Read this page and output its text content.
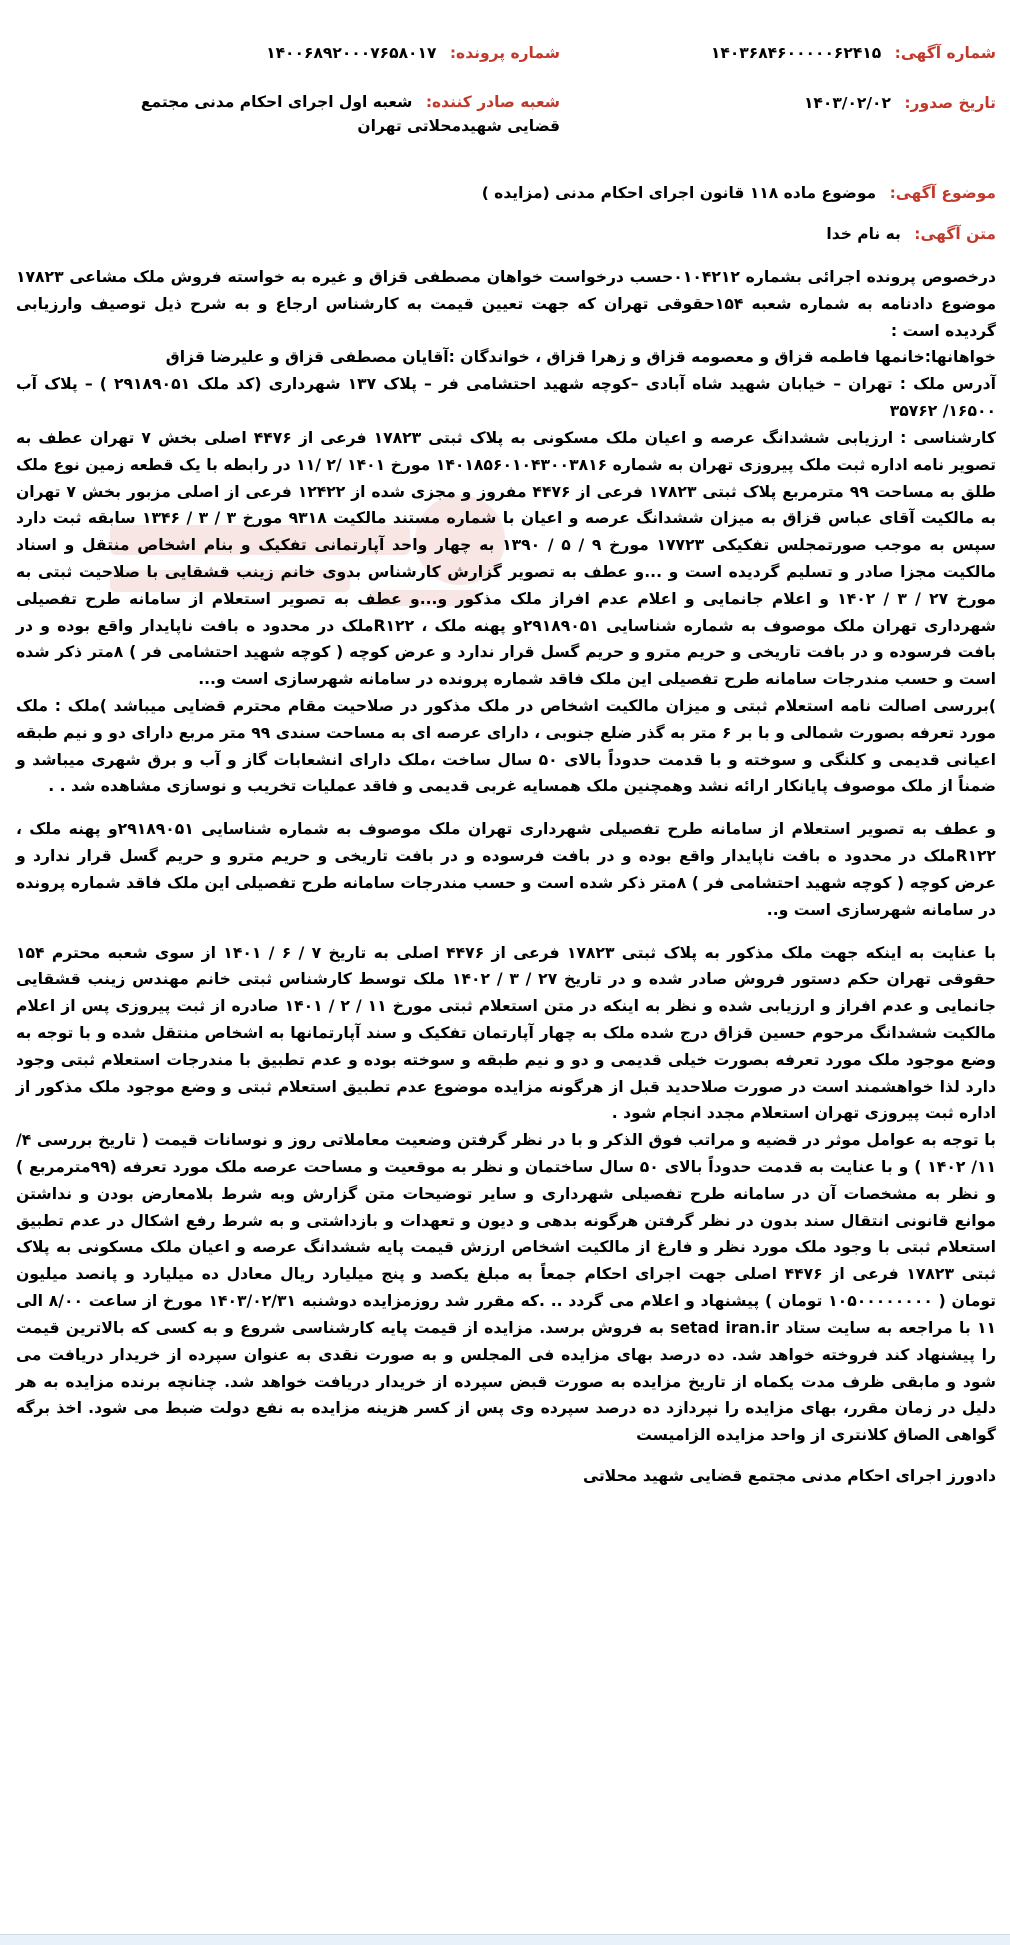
شماره آگهی: ۱۴۰۳۶۸۴۶۰۰۰۰۰۶۲۴۱۵
شماره پرونده: ۱۴۰۰۶۸۹۲۰۰۰۷۶۵۸۰۱۷
تاریخ صدور: ۱۴۰۳/۰۲/۰۲
شعبه صادر کننده: شعبه اول اجرای احکام مدنی مجتمع قضایی شهیدمحلاتی تهران
موضوع آگهی: موضوع ماده ۱۱۸ قانون اجرای احکام مدنی (مزایده )
متن آگهی: به نام خدا

درخصوص پرونده اجرائی بشماره ۰۱۰۴۲۱۲حسب درخواست خواهان مصطفی قزاق و غیره به خواسته فروش ملک مشاعی ۱۷۸۲۳ موضوع دادنامه به شماره شعبه ۱۵۴حقوقی تهران که جهت تعیین قیمت به کارشناس ارجاع و به شرح ذیل توصیف وارزیابی گردیده است :

خواهانها:خانمها فاطمه قزاق و معصومه قزاق و زهرا قزاق ، خواندگان :آقایان مصطفی قزاق و علیرضا قزاق

آدرس ملک : تهران – خیابان شهید شاه آبادی –کوچه شهید احتشامی فر – پلاک ۱۳۷ شهرداری (کد ملک ۲۹۱۸۹۰۵۱ ) – پلاک آب ۱۶۵۰۰/ ۳۵۷۶۲

کارشناسی : ارزیابی ششدانگ عرصه و اعیان ملک مسکونی به پلاک ثبتی ۱۷۸۲۳ فرعی از ۴۴۷۶ اصلی بخش ۷ تهران عطف به تصویر نامه اداره ثبت ملک پیروزی تهران به شماره ۱۴۰۱۸۵۶۰۱۰۴۳۰۰۳۸۱۶ مورخ ۱۴۰۱ /۲ /۱۱ در رابطه با یک قطعه زمین نوع ملک طلق به مساحت ۹۹ مترمربع پلاک ثبتی ۱۷۸۲۳ فرعی از ۴۴۷۶ مفروز و مجزی شده از ۱۲۴۲۲ فرعی از اصلی مزبور بخش ۷ تهران به مالکیت آقای عباس قزاق به میزان ششدانگ عرصه و اعیان با شماره مستند مالکیت ۹۳۱۸ مورخ ۳ / ۳ / ۱۳۴۶ سابقه ثبت دارد سپس به موجب صورتمجلس تفکیکی ۱۷۷۲۳ مورخ ۹ / ۵ / ۱۳۹۰ به چهار واحد آپارتمانی تفکیک و بنام اشخاص منتقل و اسناد مالکیت مجزا صادر و تسلیم گردیده است و ...و عطف به تصویر گزارش کارشناس بدوی خانم زینب قشقایی با صلاحیت ثبتی به مورخ ۲۷ / ۳ / ۱۴۰۲ و اعلام جانمایی و اعلام عدم افراز ملک مذکور و...و عطف به تصویر استعلام از سامانه طرح تفصیلی شهرداری تهران ملک موصوف به شماره شناسایی ۲۹۱۸۹۰۵۱و پهنه ملک ، R۱۲۲ملک در محدود ه بافت ناپایدار واقع بوده و در بافت فرسوده و در بافت تاریخی و حریم مترو و حریم گسل قرار ندارد و عرض کوچه ( کوچه شهید احتشامی فر ) ۸متر ذکر شده است و حسب مندرجات سامانه طرح تفصیلی این ملک فاقد شماره پرونده در سامانه شهرسازی است و...

)بررسی اصالت نامه استعلام ثبتی و میزان مالکیت اشخاص در ملک مذکور در صلاحیت مقام محترم قضایی میباشد )ملک : ملک مورد تعرفه بصورت شمالی و با بر ۶ متر به گذر ضلع جنوبی ، دارای عرصه ای به مساحت سندی ۹۹ متر مربع دارای دو و نیم طبقه اعیانی قدیمی و کلنگی و سوخته و با قدمت حدوداً بالای ۵۰ سال ساخت ،ملک دارای انشعابات گاز و آب و برق شهری میباشد و ضمناً از ملک موصوف پایانکار ارائه نشد وهمچنین ملک همسایه غربی قدیمی و فاقد عملیات تخریب و نوسازی مشاهده شد . .

و عطف به تصویر استعلام از سامانه طرح تفصیلی شهرداری تهران ملک موصوف به شماره شناسایی ۲۹۱۸۹۰۵۱و پهنه ملک ، R۱۲۲ملک در محدود ه بافت ناپایدار واقع بوده و در بافت فرسوده و در بافت تاریخی و حریم مترو و حریم گسل قرار ندارد و عرض کوچه ( کوچه شهید احتشامی فر ) ۸متر ذکر شده است و حسب مندرجات سامانه طرح تفصیلی این ملک فاقد شماره پرونده در سامانه شهرسازی است و..

با عنایت به اینکه جهت ملک مذکور به پلاک ثبتی ۱۷۸۲۳ فرعی از ۴۴۷۶ اصلی به تاریخ ۷ / ۶ / ۱۴۰۱ از سوی شعبه محترم ۱۵۴ حقوقی تهران حکم دستور فروش صادر شده و در تاریخ ۲۷ / ۳ / ۱۴۰۲ ملک توسط کارشناس ثبتی خانم مهندس زینب قشقایی جانمایی و عدم افراز و ارزیابی شده و نظر به اینکه در متن استعلام ثبتی مورخ ۱۱ / ۲ / ۱۴۰۱ صادره از ثبت پیروزی پس از اعلام مالکیت ششدانگ مرحوم حسین قزاق درج شده ملک به چهار آپارتمان تفکیک و سند آپارتمانها به اشخاص منتقل شده و با توجه به وضع موجود ملک مورد تعرفه بصورت خیلی قدیمی و دو و نیم طبقه و سوخته بوده و عدم تطبیق با مندرجات استعلام ثبتی وجود دارد لذا خواهشمند است در صورت صلاحدید قبل از هرگونه مزایده موضوع عدم تطبیق استعلام ثبتی و وضع موجود ملک مذکور از اداره ثبت پیروزی تهران استعلام مجدد انجام شود .

با توجه به عوامل موثر در قضیه و مراتب فوق الذکر و با در نظر گرفتن وضعیت معاملاتی روز و نوسانات قیمت ( تاریخ بررسی ۴/ ۱۱/ ۱۴۰۲ ) و با عنایت به قدمت حدوداً بالای ۵۰ سال ساختمان و نظر به موقعیت و مساحت عرصه ملک مورد تعرفه (۹۹مترمربع ) و نظر به مشخصات آن در سامانه طرح تفصیلی شهرداری و سایر توضیحات متن گزارش وبه شرط بلامعارض بودن و نداشتن موانع قانونی انتقال سند بدون در نظر گرفتن هرگونه بدهی و دیون و تعهدات و بازداشتی و به شرط رفع اشکال در عدم تطبیق استعلام ثبتی با وجود ملک مورد نظر و فارغ از مالکیت اشخاص ارزش قیمت پایه ششدانگ عرصه و اعیان ملک مسکونی به پلاک ثبتی ۱۷۸۲۳ فرعی از ۴۴۷۶ اصلی جهت اجرای احکام جمعاً به مبلغ یکصد و پنج میلیارد ریال معادل ده میلیارد و پانصد میلیون تومان ( ۱۰۵۰۰۰۰۰۰۰۰ تومان ) پیشنهاد و اعلام می گردد .. .که مقرر شد روزمزایده دوشنبه ۱۴۰۳/۰۲/۳۱ مورخ از ساعت ۸/۰۰ الی ۱۱ با مراجعه به سایت ستاد setad iran.ir به فروش برسد. مزایده از قیمت پایه کارشناسی شروع و به کسی که بالاترین قیمت را پیشنهاد کند فروخته خواهد شد. ده درصد بهای مزایده فی المجلس و به صورت نقدی به عنوان سپرده از خریدار دریافت می شود و مابقی ظرف مدت یکماه از تاریخ مزایده به صورت قبض سپرده از خریدار دریافت خواهد شد. چنانچه برنده مزایده به هر دلیل در زمان مقرر، بهای مزایده را نپردازد ده درصد سپرده وی پس از کسر هزینه مزایده به نفع دولت ضبط می شود. اخذ برگه گواهی الصاق کلانتری از واحد مزایده الزامیست

دادورز اجرای احکام مدنی مجتمع قضایی شهید محلاتی
